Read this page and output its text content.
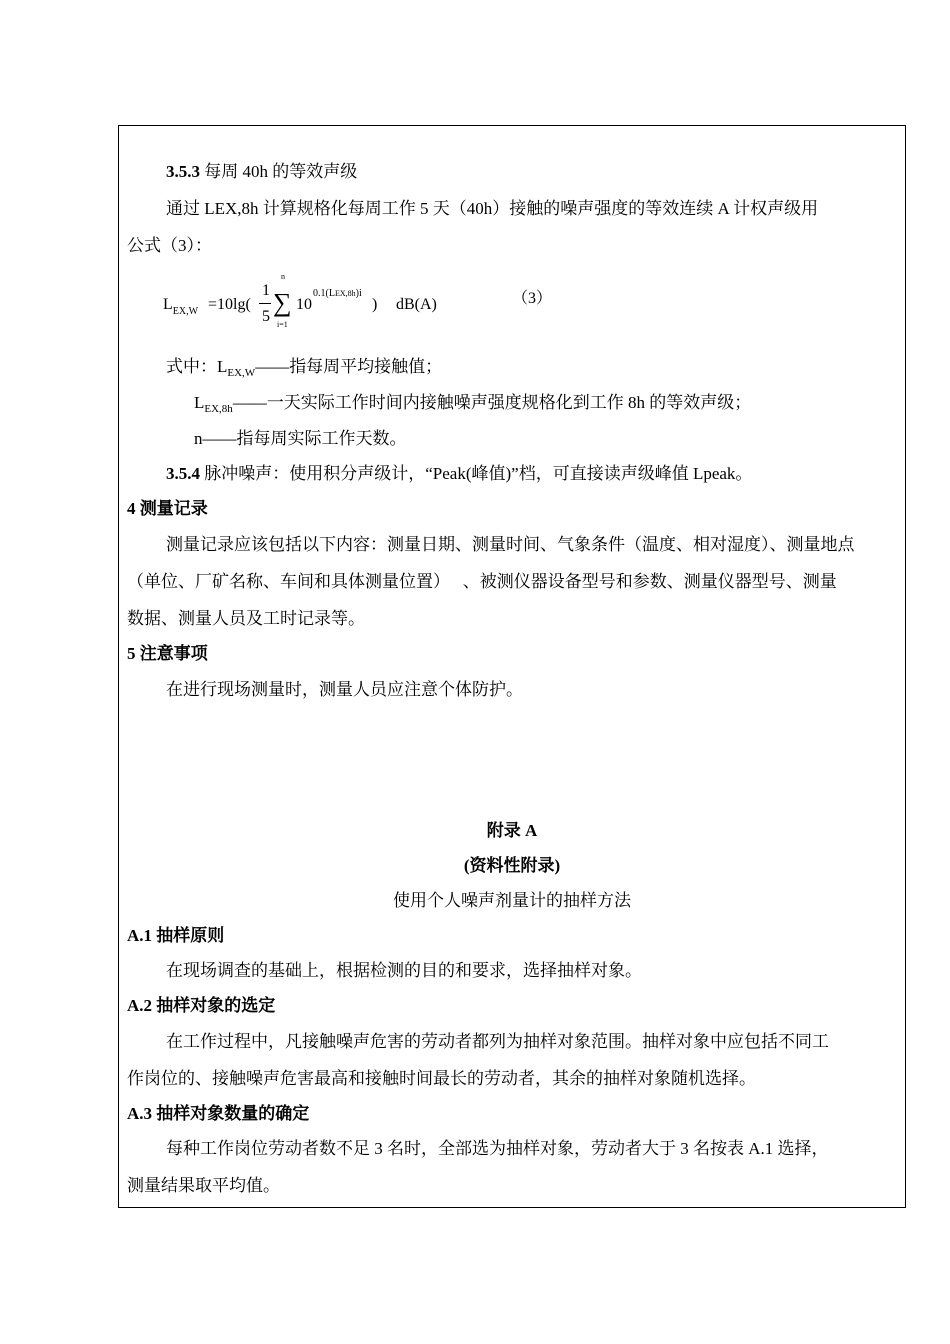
3.5.3 每周 40h 的等效声级
通过 LEX,8h 计算规格化每周工作 5 天（40h）接触的噪声强度的等效连续 A 计权声级用
公式（3）：
$L_{EX,W} =10\lg$(
1
5
n
∑
i=1
10
0.1(LEX,8h)i
) dB(A)	（3）
式中：$L_{EX,W}——$指每周平均接触值；
$L_{EX,8h}——$一天实际工作时间内接触噪声强度规格化到工作 8h 的等效声级；
n——指每周实际工作天数。
3.5.4 脉冲噪声：使用积分声级计，“Peak(峰值)”档，可直接读声级峰值 Lpeak。
4 测量记录
测量记录应该包括以下内容：测量日期、测量时间、气象条件（温度、相对湿度）、测量地点
（单位、厂矿名称、车间和具体测量位置）   、被测仪器设备型号和参数、测量仪器型号、测量
数据、测量人员及工时记录等。
5 注意事项
在进行现场测量时，测量人员应注意个体防护。
附录 A
(资料性附录)
使用个人噪声剂量计的抽样方法
A.1 抽样原则
在现场调查的基础上，根据检测的目的和要求，选择抽样对象。
A.2 抽样对象的选定
在工作过程中，凡接触噪声危害的劳动者都列为抽样对象范围。抽样对象中应包括不同工
作岗位的、接触噪声危害最高和接触时间最长的劳动者，其余的抽样对象随机选择。
A.3 抽样对象数量的确定
每种工作岗位劳动者数不足 3 名时，全部选为抽样对象，劳动者大于 3 名按表 A.1 选择，
测量结果取平均值。
